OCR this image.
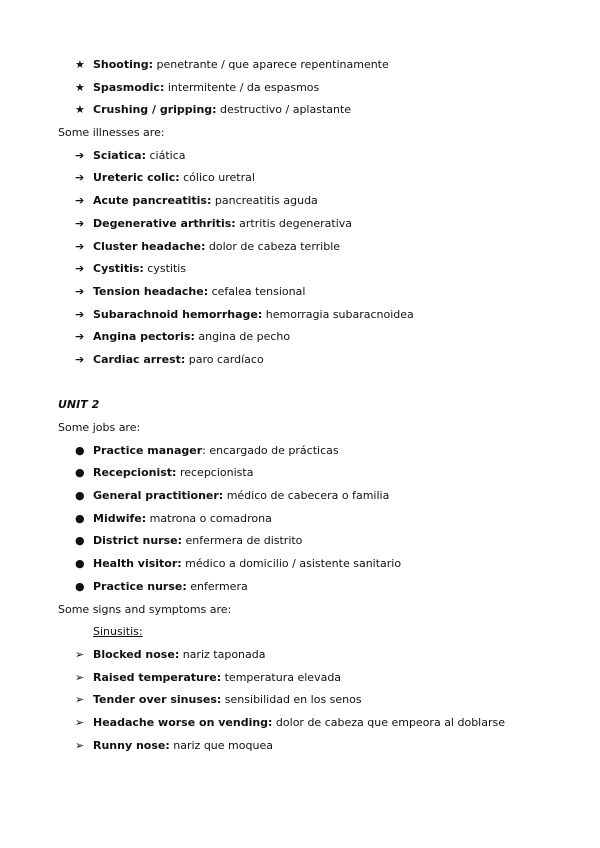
★ Shooting: penetrante / que aparece repentinamente
★ Spasmodic: intermitente / da espasmos
★ Crushing / gripping: destructivo / aplastante
Some illnesses are:
➔ Sciatica: ciática
➔ Ureteric colic: cólico uretral
➔ Acute pancreatitis: pancreatitis aguda
➔ Degenerative arthritis: artritis degenerativa
➔ Cluster headache: dolor de cabeza terrible
➔ Cystitis: cystitis
➔ Tension headache: cefalea tensional
➔ Subarachnoid hemorrhage: hemorragia subaracnoidea
➔ Angina pectoris: angina de pecho
➔ Cardiac arrest: paro cardíaco
UNIT 2
Some jobs are:
● Practice manager: encargado de prácticas
● Recepcionist: recepcionista
● General practitioner: médico de cabecera o familia
● Midwife: matrona o comadrona
● District nurse: enfermera de distrito
● Health visitor: médico a domicilio / asistente sanitario
● Practice nurse: enfermera
Some signs and symptoms are:
Sinusitis:
➢ Blocked nose: nariz taponada
➢ Raised temperature: temperatura elevada
➢ Tender over sinuses: sensibilidad en los senos
➢ Headache worse on vending: dolor de cabeza que empeora al doblarse
➢ Runny nose: nariz que moquea
